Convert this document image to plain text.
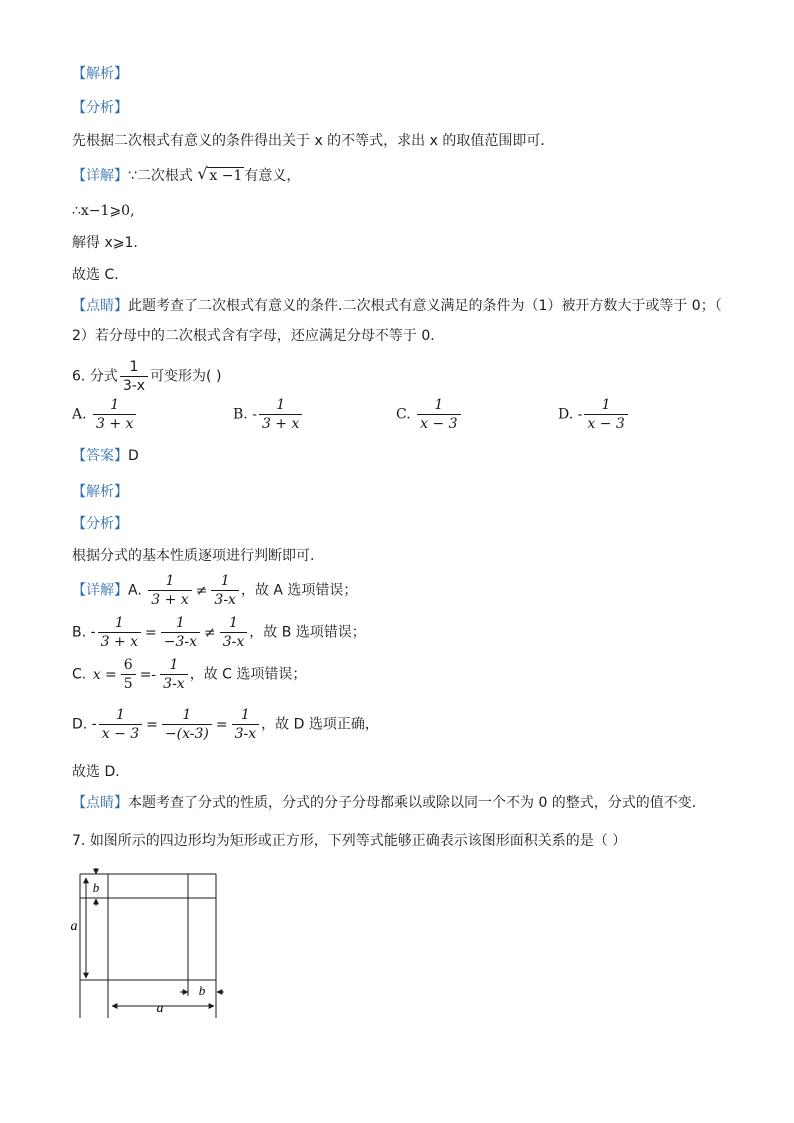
【解析】
【分析】
先根据二次根式有意义的条件得出关于 x 的不等式，求出 x 的取值范围即可．
【详解】∵二次根式 √ x −1 有意义，
∴x−1⩾0,
解得 x⩾1.
故选 C.
【点睛】此题考查了二次根式有意义的条件.二次根式有意义满足的条件为（1）被开方数大于或等于 0；（
2）若分母中的二次根式含有字母，还应满足分母不等于 0.
6. 分式 $\frac{1}{3-x}$ 可变形为( )
A. $\frac{1}{3 + x}$	B. - $\frac{1}{3 + x}$	C. $\frac{1}{x - 3}$	D. - $\frac{1}{x - 3}$
【答案】D
【解析】
【分析】
根据分式的基本性质逐项进行判断即可.
【详解】A. $\frac{1}{3 + x} \ne \frac{1}{3-x}$ ，故 A 选项错误；
B. - $\frac{1}{3 + x} = \frac{1}{-3-x} \ne \frac{1}{3-x}$ ，故 B 选项错误；
C. $x = \frac{6}{5} =- \frac{1}{3-x}$ ，故 C 选项错误；
D. - $\frac{1}{x - 3} = \frac{1}{-(x-3)} = \frac{1}{3-x}$ ，故 D 选项正确，
故选 D.
【点睛】本题考查了分式的性质，分式的分子分母都乘以或除以同一个不为 0 的整式，分式的值不变．
7. 如图所示的四边形均为矩形或正方形，下列等式能够正确表示该图形面积关系的是（ ）
b
a
b
a
